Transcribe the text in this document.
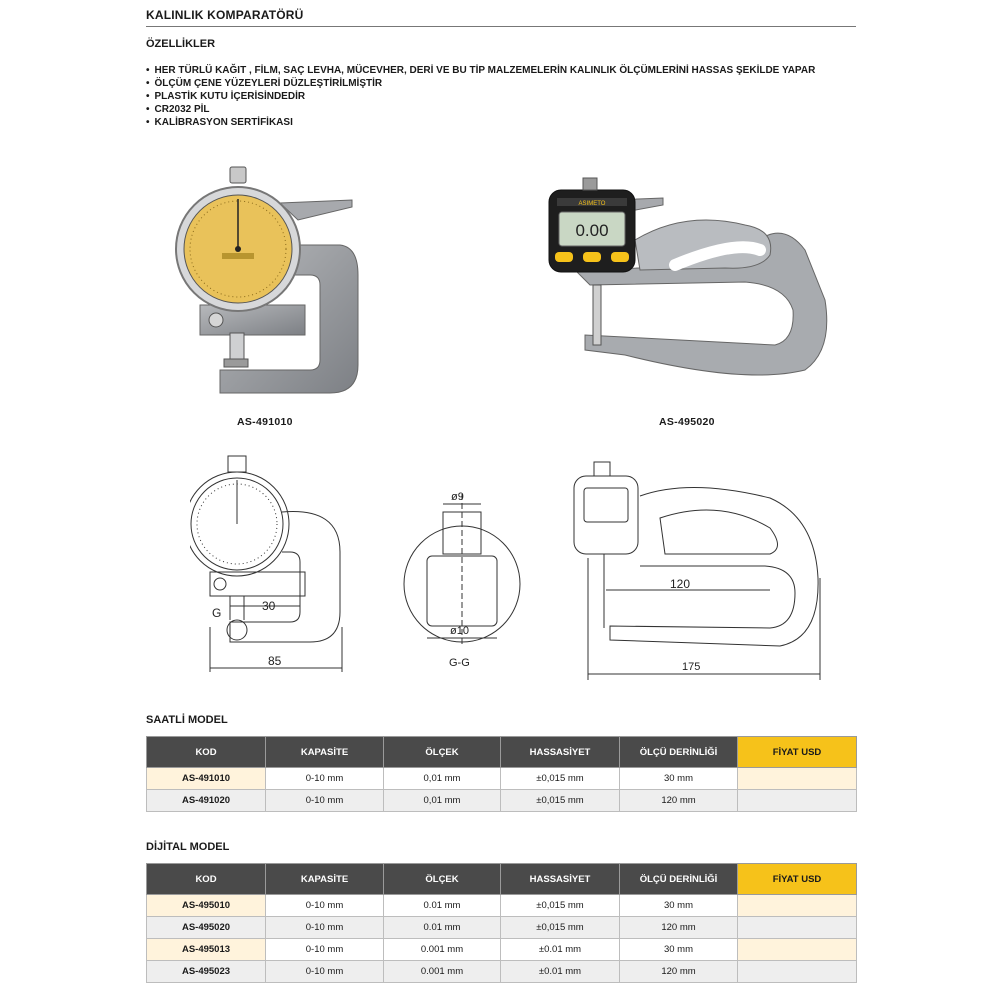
KALINLIK KOMPARATÖRÜ
ÖZELLİKLER
• HER TÜRLÜ KAĞIT , FİLM, SAÇ LEVHA, MÜCEVHER, DERİ VE BU TİP MALZEMELERİN KALINLIK ÖLÇÜMLERİNİ HASSAS ŞEKİLDE YAPAR
• ÖLÇÜM ÇENE YÜZEYLERİ DÜZLEŞTİRİLMİŞTİR
• PLASTİK KUTU İÇERİSİNDEDİR
• CR2032 PİL
• KALİBRASYON SERTİFİKASI
ASIMETO
0.00
AS-491010	AS-495020
30
85
G
ø9
ø10
G-G
120
175
SAATLİ MODEL
KOD	KAPASİTE	ÖLÇEK	HASSASİYET	ÖLÇÜ DERİNLİĞİ	FİYAT USD
AS-491010	0-10 mm	0,01 mm	±0,015 mm	30 mm	
AS-491020	0-10 mm	0,01 mm	±0,015 mm	120 mm	
DİJİTAL MODEL
KOD	KAPASİTE	ÖLÇEK	HASSASİYET	ÖLÇÜ DERİNLİĞİ	FİYAT USD
AS-495010	0-10 mm	0.01 mm	±0,015 mm	30 mm	
AS-495020	0-10 mm	0.01 mm	±0,015 mm	120 mm	
AS-495013	0-10 mm	0.001 mm	±0.01 mm	30 mm	
AS-495023	0-10 mm	0.001 mm	±0.01 mm	120 mm	
